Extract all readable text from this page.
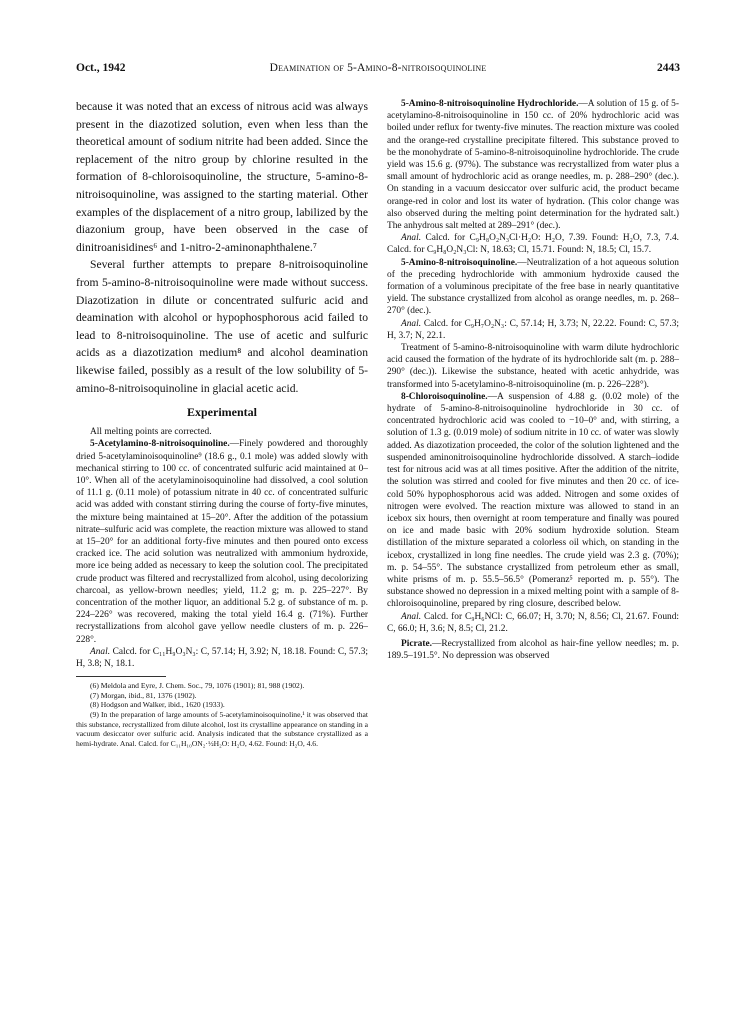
Oct., 1942	Deamination of 5-Amino-8-nitroisoquinoline	2443

because it was noted that an excess of nitrous acid was always present in the diazotized solution, even when less than the theoretical amount of sodium nitrite had been added. Since the replacement of the nitro group by chlorine resulted in the formation of 8-chloroisoquinoline, the structure, 5-amino-8-nitroisoquinoline, was assigned to the starting material. Other examples of the displacement of a nitro group, labilized by the diazonium group, have been observed in the case of dinitroanisidines⁶ and 1-nitro-2-aminonaphthalene.⁷

Several further attempts to prepare 8-nitroisoquinoline from 5-amino-8-nitroisoquinoline were made without success. Diazotization in dilute or concentrated sulfuric acid and deamination with alcohol or hypophosphorous acid failed to lead to 8-nitroisoquinoline. The use of acetic and sulfuric acids as a diazotization medium⁸ and alcohol deamination likewise failed, possibly as a result of the low solubility of 5-amino-8-nitroisoquinoline in glacial acetic acid.

Experimental

All melting points are corrected.

5-Acetylamino-8-nitroisoquinoline.—Finely powdered and thoroughly dried 5-acetylaminoisoquinoline⁹ (18.6 g., 0.1 mole) was added slowly with mechanical stirring to 100 cc. of concentrated sulfuric acid maintained at 0–10°. When all of the acetylaminoisoquinoline had dissolved, a cool solution of 11.1 g. (0.11 mole) of potassium nitrate in 40 cc. of concentrated sulfuric acid was added with constant stirring during the course of forty-five minutes, the mixture being maintained at 15–20°. After the addition of the potassium nitrate–sulfuric acid was complete, the reaction mixture was allowed to stand at 15–20° for an additional forty-five minutes and then poured onto excess cracked ice. The acid solution was neutralized with ammonium hydroxide, more ice being added as necessary to keep the solution cool. The precipitated crude product was filtered and recrystallized from alcohol, using decolorizing charcoal, as yellow-brown needles; yield, 11.2 g; m. p. 225–227°. By concentration of the mother liquor, an additional 5.2 g. of substance of m. p. 224–226° was recovered, making the total yield 16.4 g. (71%). Further recrystallizations from alcohol gave yellow needle clusters of m. p. 226–228°.

Anal. Calcd. for C₁₁H₉O₃N₃: C, 57.14; H, 3.92; N, 18.18. Found: C, 57.3; H, 3.8; N, 18.1.

(6) Meldola and Eyre, J. Chem. Soc., 79, 1076 (1901); 81, 988 (1902).

(7) Morgan, ibid., 81, 1376 (1902).

(8) Hodgson and Walker, ibid., 1620 (1933).

(9) In the preparation of large amounts of 5-acetylaminoisoquinoline,¹ it was observed that this substance, recrystallized from dilute alcohol, lost its crystalline appearance on standing in a vacuum desiccator over sulfuric acid. Analysis indicated that the substance crystallized as a hemi-hydrate. Anal. Calcd. for C₁₁H₁₀ON₂·½H₂O: H₂O, 4.62. Found: H₂O, 4.6.

5-Amino-8-nitroisoquinoline Hydrochloride.—A solution of 15 g. of 5-acetylamino-8-nitroisoquinoline in 150 cc. of 20% hydrochloric acid was boiled under reflux for twenty-five minutes. The reaction mixture was cooled and the orange-red crystalline precipitate filtered. This substance proved to be the monohydrate of 5-amino-8-nitroisoquinoline hydrochloride. The crude yield was 15.6 g. (97%). The substance was recrystallized from water plus a small amount of hydrochloric acid as orange needles, m. p. 288–290° (dec.). On standing in a vacuum desiccator over sulfuric acid, the product became orange-red in color and lost its water of hydration. (This color change was also observed during the melting point determination for the hydrated salt.) The anhydrous salt melted at 289–291° (dec.).

Anal. Calcd. for C₉H₈O₂N₃Cl·H₂O: H₂O, 7.39. Found: H₂O, 7.3, 7.4. Calcd. for C₉H₈O₂N₃Cl: N, 18.63; Cl, 15.71. Found: N, 18.5; Cl, 15.7.

5-Amino-8-nitroisoquinoline.—Neutralization of a hot aqueous solution of the preceding hydrochloride with ammonium hydroxide caused the formation of a voluminous precipitate of the free base in nearly quantitative yield. The substance crystallized from alcohol as orange needles, m. p. 268–270° (dec.).

Anal. Calcd. for C₉H₇O₂N₃: C, 57.14; H, 3.73; N, 22.22. Found: C, 57.3; H, 3.7; N, 22.1.

Treatment of 5-amino-8-nitroisoquinoline with warm dilute hydrochloric acid caused the formation of the hydrate of its hydrochloride salt (m. p. 288–290° (dec.)). Likewise the substance, heated with acetic anhydride, was transformed into 5-acetylamino-8-nitroisoquinoline (m. p. 226–228°).

8-Chloroisoquinoline.—A suspension of 4.88 g. (0.02 mole) of the hydrate of 5-amino-8-nitroisoquinoline hydrochloride in 30 cc. of concentrated hydrochloric acid was cooled to −10–0° and, with stirring, a solution of 1.3 g. (0.019 mole) of sodium nitrite in 10 cc. of water was slowly added. As diazotization proceeded, the color of the solution lightened and the suspended aminonitroisoquinoline hydrochloride dissolved. A starch–iodide test for nitrous acid was at all times positive. After the addition of the nitrite, the solution was stirred and cooled for five minutes and then 20 cc. of ice-cold 50% hypophosphorous acid was added. Nitrogen and some oxides of nitrogen were evolved. The reaction mixture was allowed to stand in an icebox six hours, then overnight at room temperature and finally was poured on ice and made basic with 20% sodium hydroxide solution. Steam distillation of the mixture separated a colorless oil which, on standing in the icebox, crystallized in long fine needles. The crude yield was 2.3 g. (70%); m. p. 54–55°. The substance crystallized from petroleum ether as small, white prisms of m. p. 55.5–56.5° (Pomeranz⁵ reported m. p. 55°). The substance showed no depression in a mixed melting point with a sample of 8-chloroisoquinoline, prepared by ring closure, described below.

Anal. Calcd. for C₉H₆NCl: C, 66.07; H, 3.70; N, 8.56; Cl, 21.67. Found: C, 66.0; H, 3.6; N, 8.5; Cl, 21.2.

Picrate.—Recrystallized from alcohol as hair-fine yellow needles; m. p. 189.5–191.5°. No depression was observed
